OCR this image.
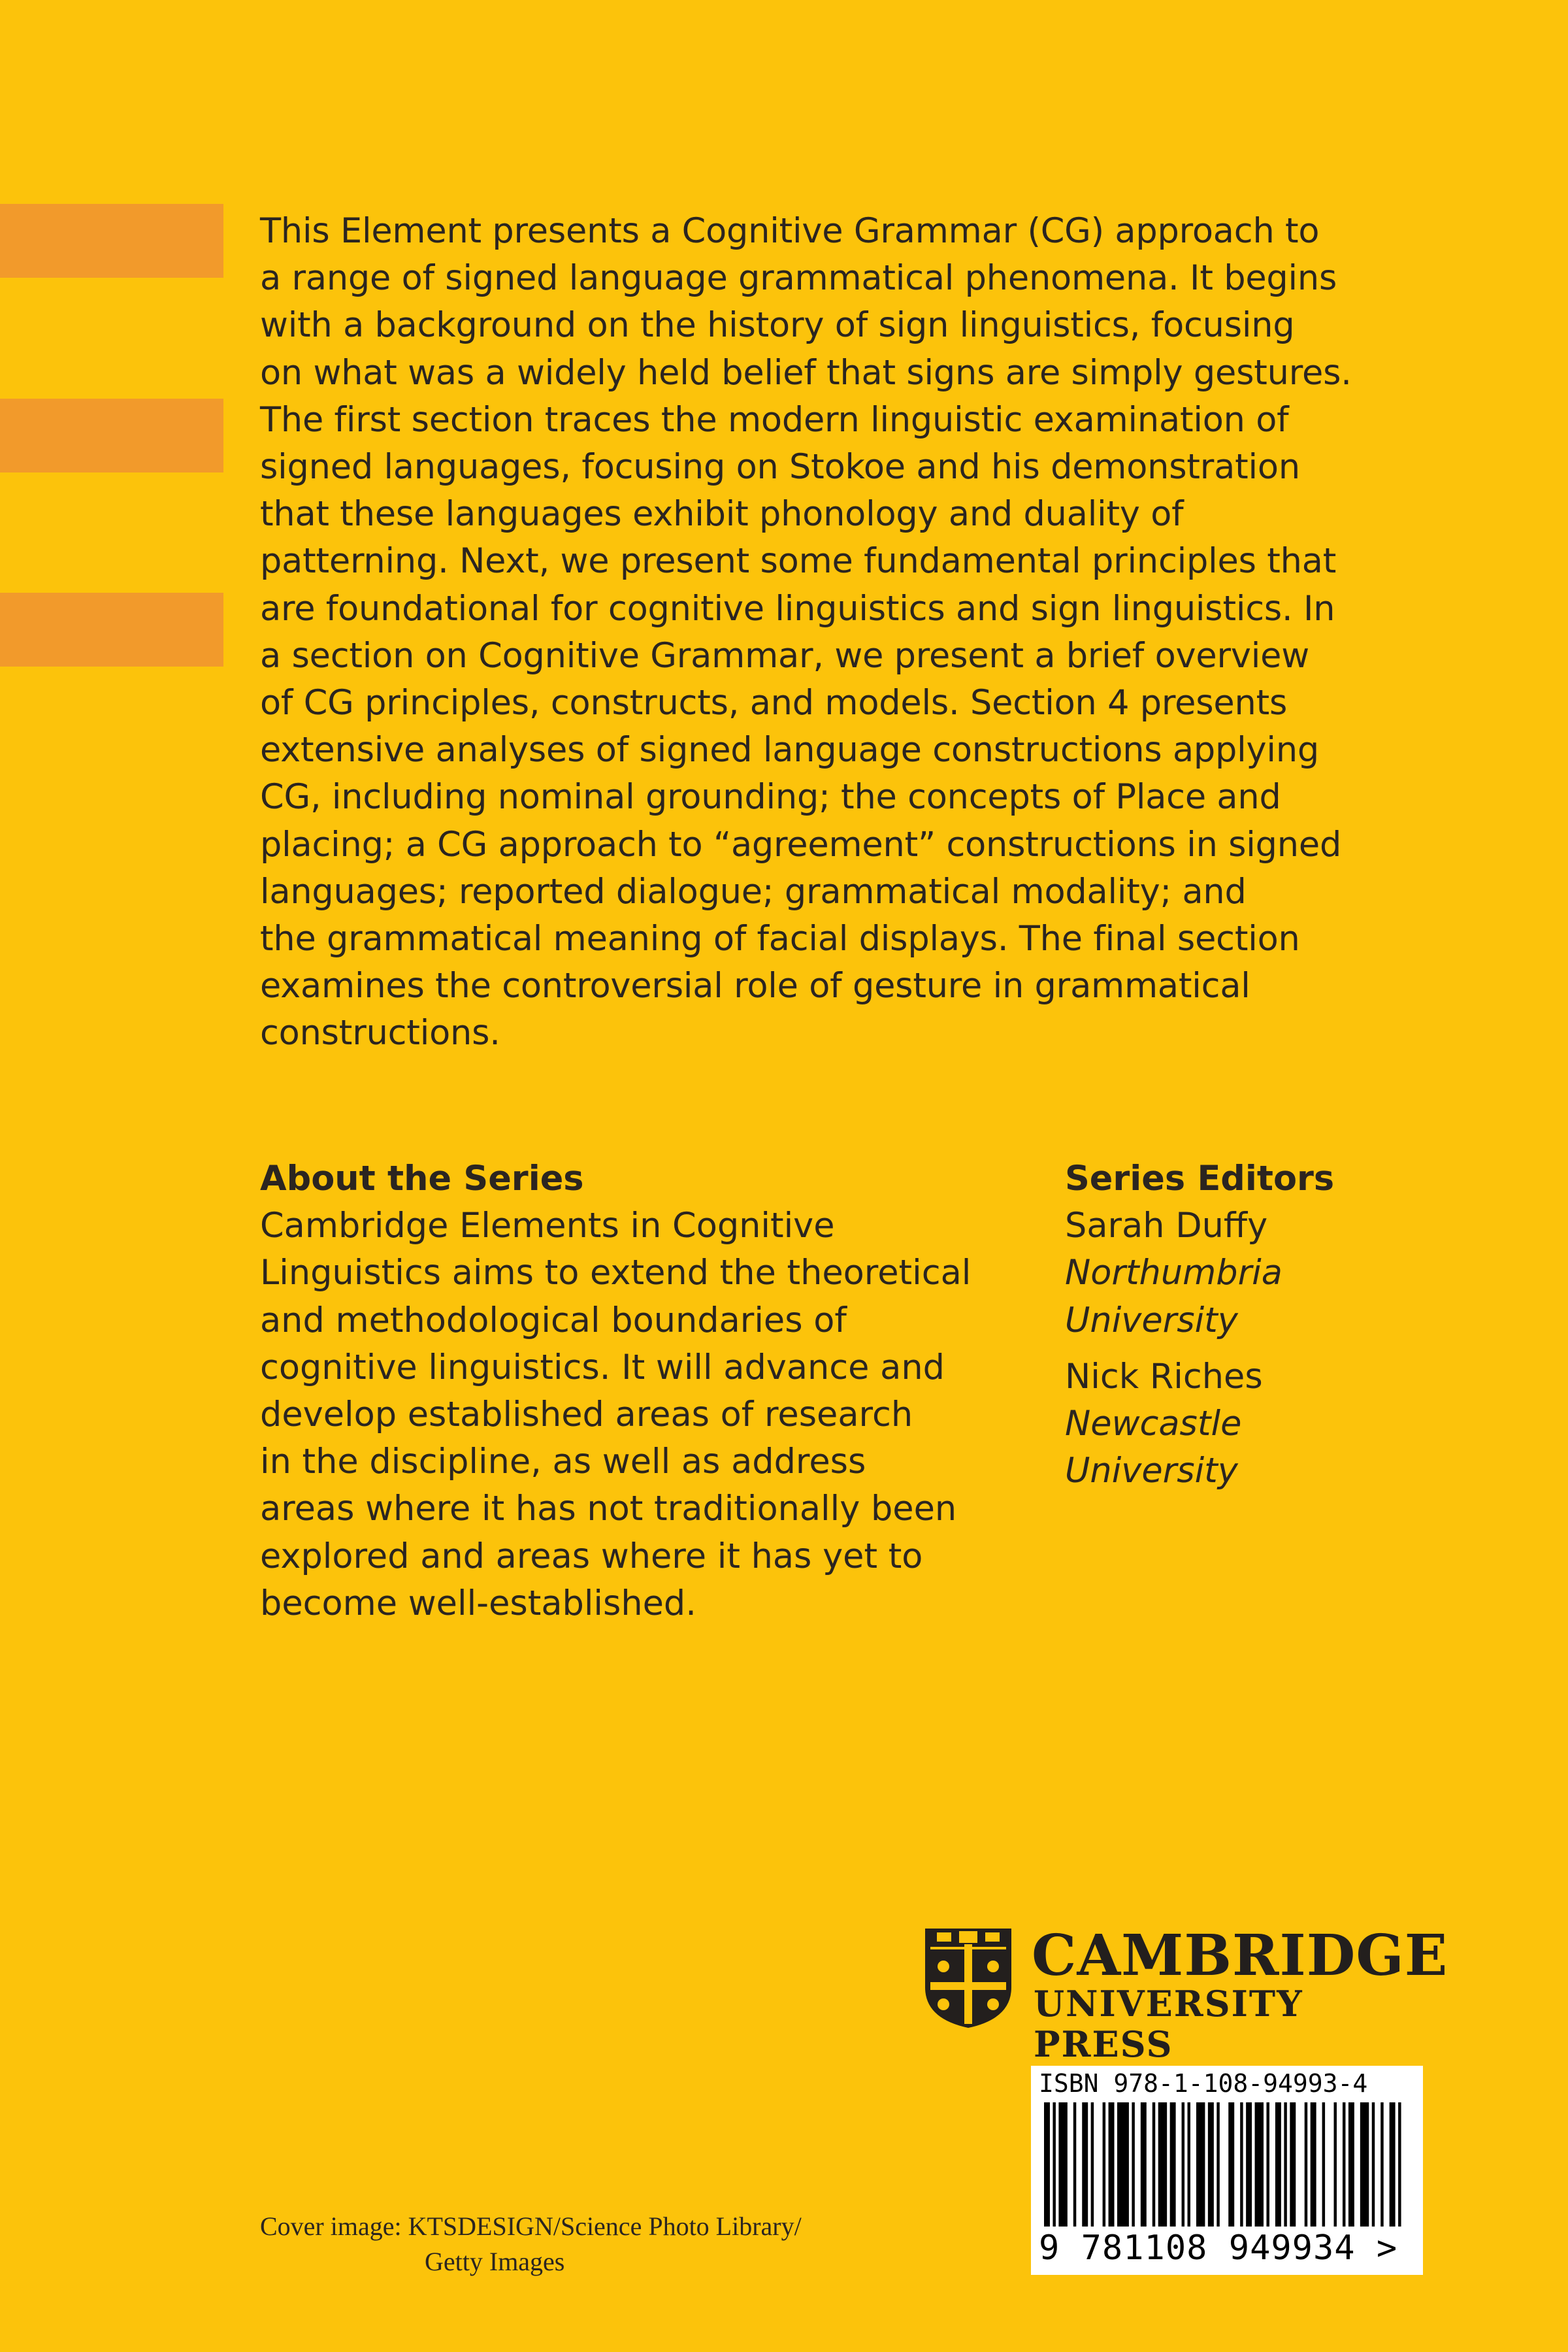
This Element presents a Cognitive Grammar (CG) approach to
a range of signed language grammatical phenomena. It begins
with a background on the history of sign linguistics, focusing
on what was a widely held belief that signs are simply gestures.
The first section traces the modern linguistic examination of
signed languages, focusing on Stokoe and his demonstration
that these languages exhibit phonology and duality of
patterning. Next, we present some fundamental principles that
are foundational for cognitive linguistics and sign linguistics. In
a section on Cognitive Grammar, we present a brief overview
of CG principles, constructs, and models. Section 4 presents
extensive analyses of signed language constructions applying
CG, including nominal grounding; the concepts of Place and
placing; a CG approach to “agreement” constructions in signed
languages; reported dialogue; grammatical modality; and
the grammatical meaning of facial displays. The final section
examines the controversial role of gesture in grammatical
constructions.
About the Series
Cambridge Elements in Cognitive
Linguistics aims to extend the theoretical
and methodological boundaries of
cognitive linguistics. It will advance and
develop established areas of research
in the discipline, as well as address
areas where it has not traditionally been
explored and areas where it has yet to
become well-established.
Series Editors
Sarah Duffy
Northumbria
University
Nick Riches
Newcastle
University
CAMBRIDGE
UNIVERSITY PRESS
ISBN 978-1-108-94993-4
9 781108 949934 >
Cover image: KTSDESIGN/Science Photo Library/
Getty Images
